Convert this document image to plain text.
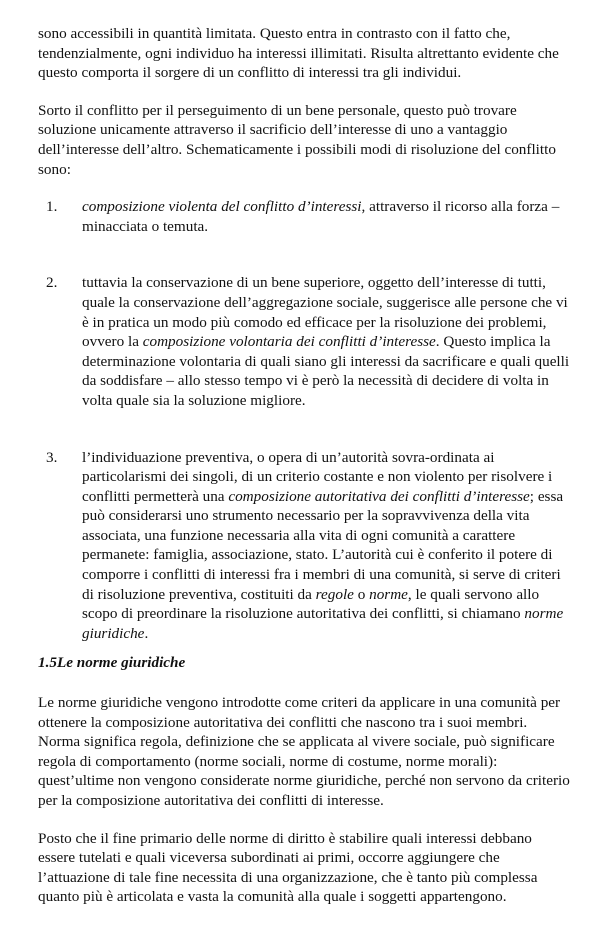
sono accessibili in quantità limitata. Questo entra in contrasto con il fatto che, tendenzialmente, ogni individuo ha interessi illimitati. Risulta altrettanto evidente che questo comporta il sorgere di un conflitto di interessi tra gli individui.

Sorto il conflitto per il perseguimento di un bene personale, questo può trovare soluzione unicamente attraverso il sacrificio dell’interesse di uno a vantaggio dell’interesse dell’altro. Schematicamente i possibili modi di risoluzione del conflitto sono:

1.	composizione violenta del conflitto d’interessi, attraverso il ricorso alla forza – minacciata o temuta.
2.	tuttavia la conservazione di un bene superiore, oggetto dell’interesse di tutti, quale la conservazione dell’aggregazione sociale, suggerisce alle persone che vi è in pratica un modo più comodo ed efficace per la risoluzione dei problemi, ovvero la composizione volontaria dei conflitti d’interesse. Questo implica la determinazione volontaria di quali siano gli interessi da sacrificare e quali quelli da soddisfare – allo stesso tempo vi è però la necessità di decidere di volta in volta quale sia la soluzione migliore.
3.	l’individuazione preventiva, o opera di un’autorità sovra-ordinata ai particolarismi dei singoli, di un criterio costante e non violento per risolvere i conflitti permetterà una composizione autoritativa dei conflitti d’interesse; essa può considerarsi uno strumento necessario per la sopravvivenza della vita associata, una funzione necessaria alla vita di ogni comunità a carattere permanete: famiglia, associazione, stato. L’autorità cui è conferito il potere di comporre i conflitti di interessi fra i membri di una comunità, si serve di criteri di risoluzione preventiva, costituiti da regole o norme, le quali servono allo scopo di preordinare la risoluzione autoritativa dei conflitti, si chiamano norme giuridiche.

1.5Le norme giuridiche

Le norme giuridiche vengono introdotte come criteri da applicare in una comunità per ottenere la composizione autoritativa dei conflitti che nascono tra i suoi membri.
Norma significa regola, definizione che se applicata al vivere sociale, può significare regola di comportamento (norme sociali, norme di costume, norme morali): quest’ultime non vengono considerate norme giuridiche, perché non servono da criterio per la composizione autoritativa dei conflitti di interesse.

Posto che il fine primario delle norme di diritto è stabilire quali interessi debbano essere tutelati e quali viceversa subordinati ai primi, occorre aggiungere che l’attuazione di tale fine necessita di una organizzazione, che è tanto più complessa quanto più è articolata e vasta la comunità alla quale i soggetti appartengono.
